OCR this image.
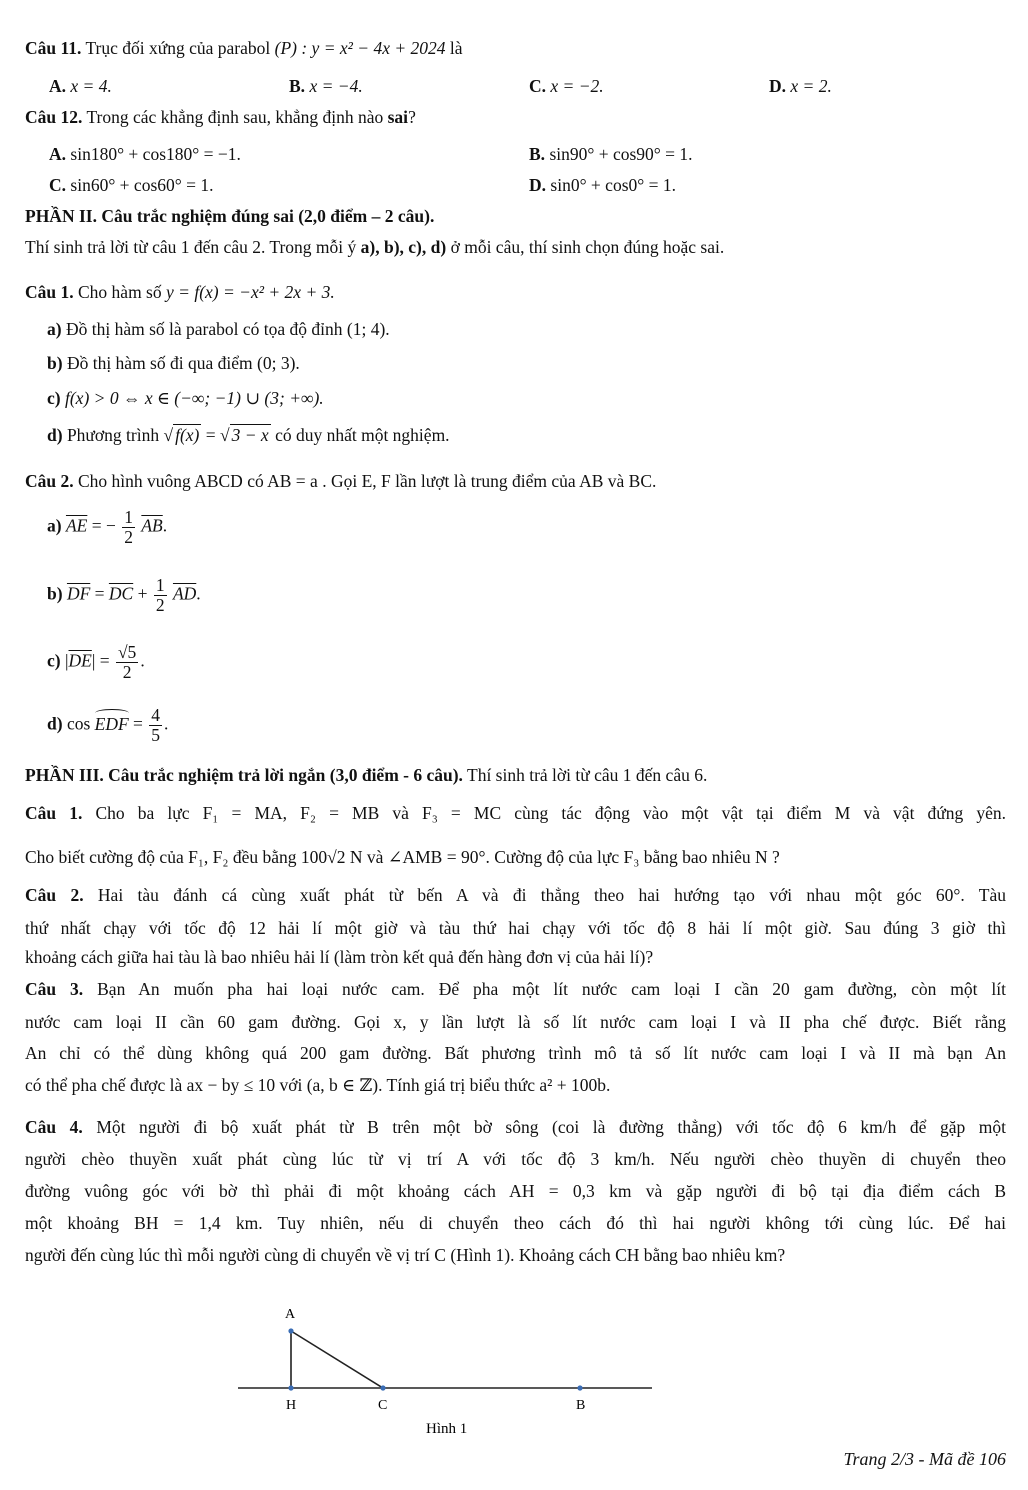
Câu 11. Trục đối xứng của parabol (P) : y = x² − 4x + 2024 là
A. x = 4.	B. x = −4.	C. x = −2.	D. x = 2.
Câu 12. Trong các khẳng định sau, khẳng định nào sai?
A. sin180° + cos180° = −1.	B. sin90° + cos90° = 1.
C. sin60° + cos60° = 1.	D. sin0° + cos0° = 1.
PHẦN II. Câu trắc nghiệm đúng sai (2,0 điểm – 2 câu).
Thí sinh trả lời từ câu 1 đến câu 2. Trong mỗi ý a), b), c), d) ở mỗi câu, thí sinh chọn đúng hoặc sai.
Câu 1. Cho hàm số y = f(x) = −x² + 2x + 3.
a) Đồ thị hàm số là parabol có tọa độ đỉnh (1; 4).
b) Đồ thị hàm số đi qua điểm (0; 3).
c) f(x) > 0 ⇔ x ∈ (−∞; −1) ∪ (3; +∞).
d) Phương trình √ f(x) = √ 3 − x có duy nhất một nghiệm.
Câu 2. Cho hình vuông ABCD có AB = a . Gọi E, F lần lượt là trung điểm của AB và BC.
a) $\overline{AE}$ = − $\frac{1}{2} \overline{AB}$.
b) $\overline{DF} = \overline{DC} + \frac{1}{2} \overline{AD}$.
c) $|\overline{DE}| = \frac{√5}{2}$ .
d) cos EDF = $\frac{4}{5}$ .
PHẦN III. Câu trắc nghiệm trả lời ngắn (3,0 điểm - 6 câu). Thí sinh trả lời từ câu 1 đến câu 6.
Câu 1. Cho ba lực F₁ = MA, F₂ = MB và F₃ = MC cùng tác động vào một vật tại điểm M và vật đứng yên.
Cho biết cường độ của F₁, F₂ đều bằng 100√2 N và ∠AMB = 90°. Cường độ của lực F₃ bằng bao nhiêu N ?
Câu 2. Hai tàu đánh cá cùng xuất phát từ bến A và đi thẳng theo hai hướng tạo với nhau một góc 60°. Tàu
thứ nhất chạy với tốc độ 12 hải lí một giờ và tàu thứ hai chạy với tốc độ 8 hải lí một giờ. Sau đúng 3 giờ thì
khoảng cách giữa hai tàu là bao nhiêu hải lí (làm tròn kết quả đến hàng đơn vị của hải lí)?
Câu 3. Bạn An muốn pha hai loại nước cam. Để pha một lít nước cam loại I cần 20 gam đường, còn một lít
nước cam loại II cần 60 gam đường. Gọi x, y lần lượt là số lít nước cam loại I và II pha chế được. Biết rằng
An chỉ có thể dùng không quá 200 gam đường. Bất phương trình mô tả số lít nước cam loại I và II mà bạn An
có thể pha chế được là ax − by ≤ 10 với (a, b ∈ ℤ). Tính giá trị biểu thức a² + 100b.
Câu 4. Một người đi bộ xuất phát từ B trên một bờ sông (coi là đường thẳng) với tốc độ 6 km/h để gặp một
người chèo thuyền xuất phát cùng lúc từ vị trí A với tốc độ 3 km/h. Nếu người chèo thuyền di chuyển theo
đường vuông góc với bờ thì phải đi một khoảng cách AH = 0,3 km và gặp người đi bộ tại địa điểm cách B
một khoảng BH = 1,4 km. Tuy nhiên, nếu di chuyển theo cách đó thì hai người không tới cùng lúc. Để hai
người đến cùng lúc thì mỗi người cùng di chuyển về vị trí C (Hình 1). Khoảng cách CH bằng bao nhiêu km?
A
H	C	B
Hình 1
Trang 2/3 - Mã đề 106
